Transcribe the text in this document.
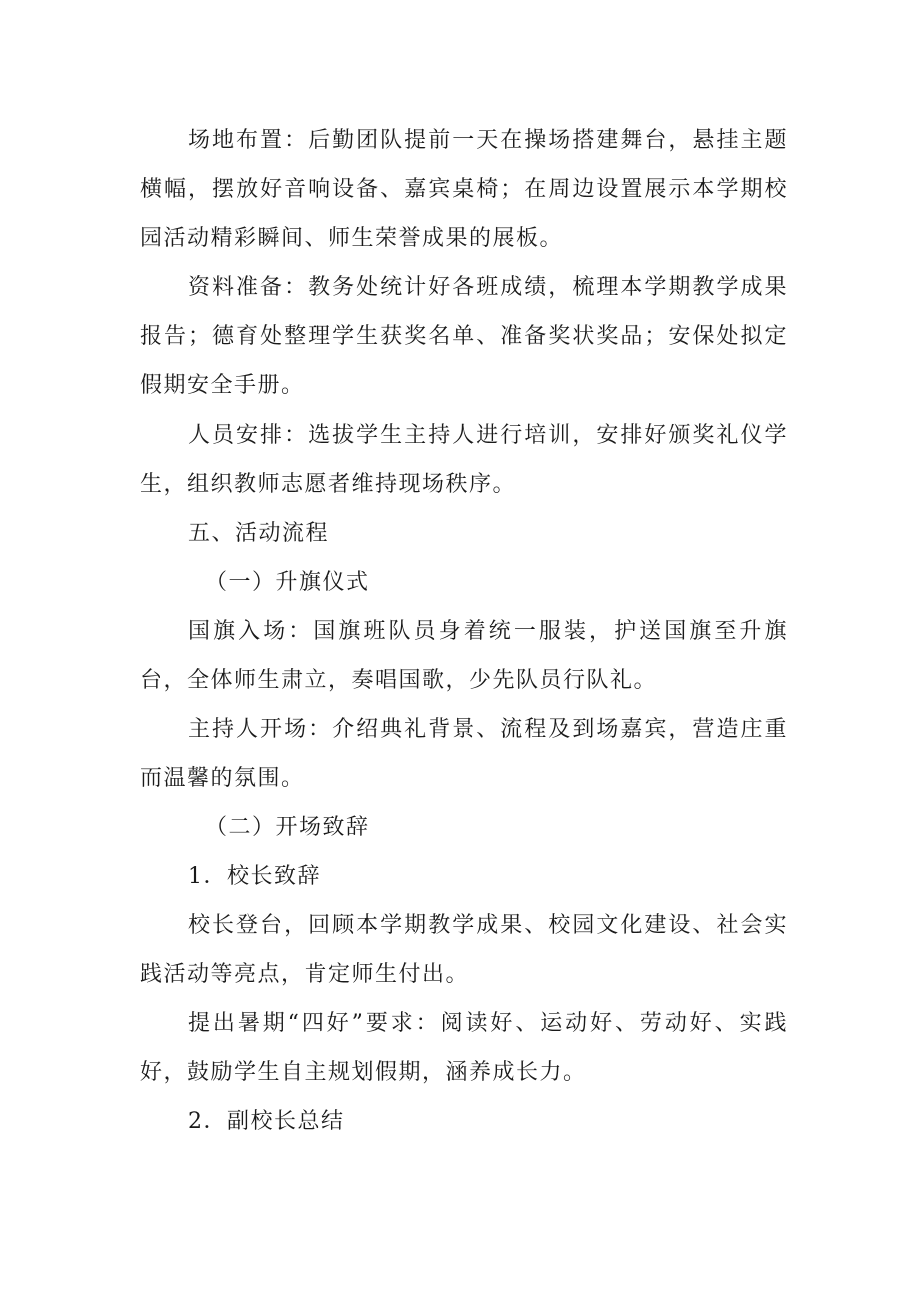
场地布置：后勤团队提前一天在操场搭建舞台，悬挂主题横幅，摆放好音响设备、嘉宾桌椅；在周边设置展示本学期校园活动精彩瞬间、师生荣誉成果的展板。

资料准备：教务处统计好各班成绩，梳理本学期教学成果报告；德育处整理学生获奖名单、准备奖状奖品；安保处拟定假期安全手册。

人员安排：选拔学生主持人进行培训，安排好颁奖礼仪学生，组织教师志愿者维持现场秩序。

五、活动流程

（一）升旗仪式

国旗入场：国旗班队员身着统一服装，护送国旗至升旗台，全体师生肃立，奏唱国歌，少先队员行队礼。

主持人开场：介绍典礼背景、流程及到场嘉宾，营造庄重而温馨的氛围。

（二）开场致辞

1．校长致辞

校长登台，回顾本学期教学成果、校园文化建设、社会实践活动等亮点，肯定师生付出。

提出暑期“四好”要求：阅读好、运动好、劳动好、实践好，鼓励学生自主规划假期，涵养成长力。

2．副校长总结
